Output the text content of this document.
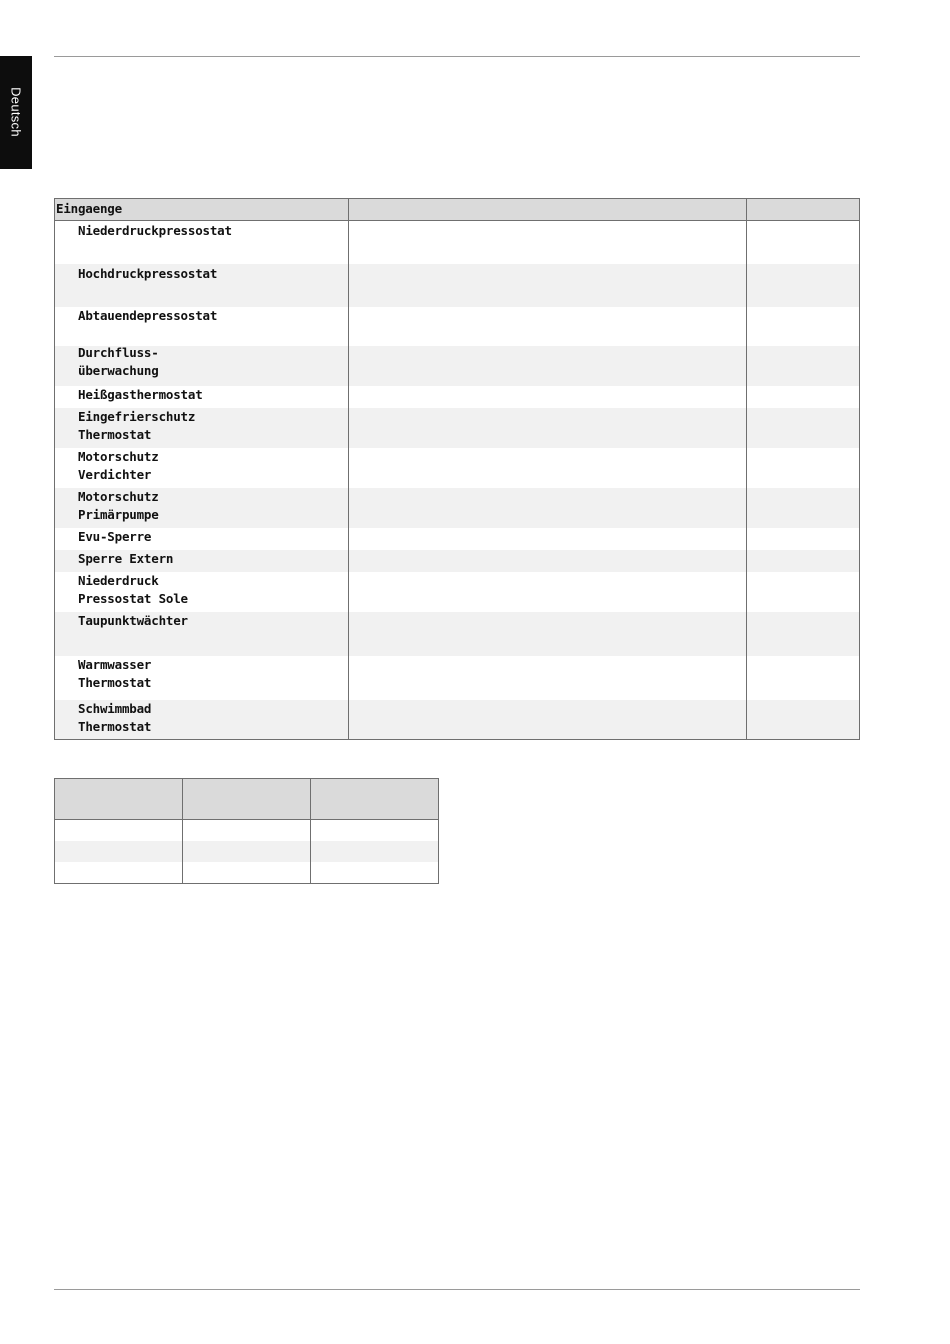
Deutsch
Eingaenge
Niederdruckpressostat
Hochdruckpressostat
Abtauendepressostat
Durchfluss-
überwachung
Heißgasthermostat
Eingefrierschutz
Thermostat
Motorschutz
Verdichter
Motorschutz
Primärpumpe
Evu-Sperre
Sperre Extern
Niederdruck
Pressostat Sole
Taupunktwächter
Warmwasser
Thermostat
Schwimmbad
Thermostat
